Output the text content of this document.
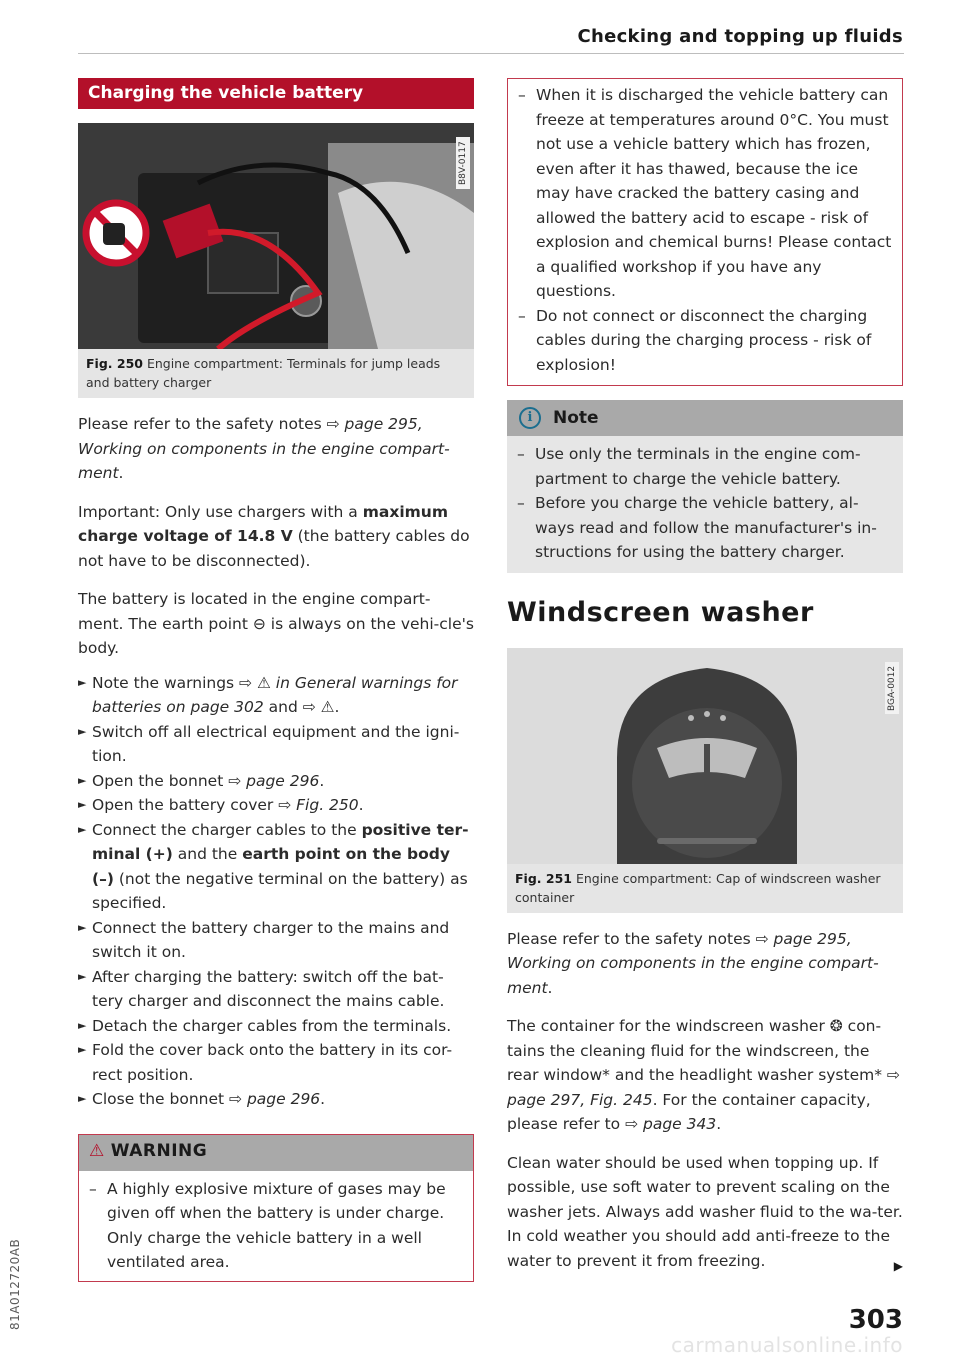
Checking and topping up fluids
81A012720AB
Charging the vehicle battery
B8V-0117
Fig. 250 Engine compartment: Terminals for jump leads and battery charger

Please refer to the safety notes ⇨ page 295, Working on components in the engine compart-ment.

Important: Only use chargers with a maximum charge voltage of 14.8 V (the battery cables do not have to be disconnected).

The battery is located in the engine compart-ment. The earth point ⊖ is always on the vehi-cle's body.

► Note the warnings ⇨ ⚠ in General warnings for batteries on page 302 and ⇨ ⚠.
► Switch off all electrical equipment and the igni-tion.
► Open the bonnet ⇨ page 296.
► Open the battery cover ⇨ Fig. 250.
► Connect the charger cables to the positive ter-minal (+) and the earth point on the body (–) (not the negative terminal on the battery) as specified.
► Connect the battery charger to the mains and switch it on.
► After charging the battery: switch off the bat-tery charger and disconnect the mains cable.
► Detach the charger cables from the terminals.
► Fold the cover back onto the battery in its cor-rect position.
► Close the bonnet ⇨ page 296.
⚠ WARNING
– A highly explosive mixture of gases may be given off when the battery is under charge. Only charge the vehicle battery in a well ventilated area.
– When it is discharged the vehicle battery can freeze at temperatures around 0°C. You must not use a vehicle battery which has frozen, even after it has thawed, because the ice may have cracked the battery casing and allowed the battery acid to escape - risk of explosion and chemical burns! Please contact a qualified workshop if you have any questions.
– Do not connect or disconnect the charging cables during the charging process - risk of explosion!
i	Note
– Use only the terminals in the engine com-partment to charge the vehicle battery.
– Before you charge the vehicle battery, al-ways read and follow the manufacturer's in-structions for using the battery charger.
Windscreen washer
BGA-0012
Fig. 251 Engine compartment: Cap of windscreen washer container

Please refer to the safety notes ⇨ page 295, Working on components in the engine compart-ment.

The container for the windscreen washer ❂ con-tains the cleaning fluid for the windscreen, the rear window* and the headlight washer system* ⇨ page 297, Fig. 245. For the container capacity, please refer to ⇨ page 343.

Clean water should be used when topping up. If possible, use soft water to prevent scaling on the washer jets. Always add washer fluid to the wa-ter. In cold weather you should add anti-freeze to the water to prevent it from freezing.	▶
303
carmanualsonline.info
